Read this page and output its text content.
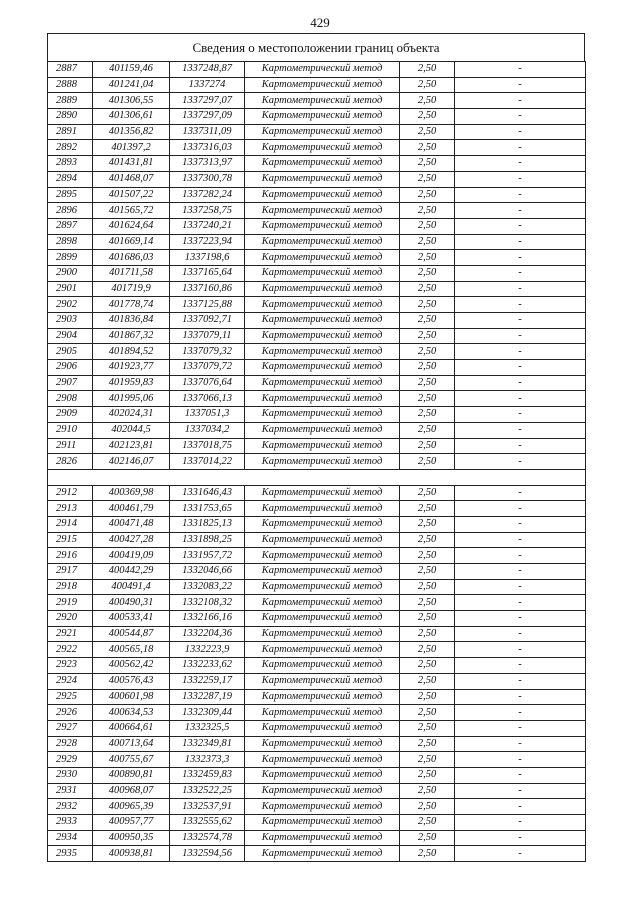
429
Сведения о местоположении границ объекта
2887	401159,46	1337248,87	Картометрический метод	2,50	-
2888	401241,04	1337274	Картометрический метод	2,50	-
2889	401306,55	1337297,07	Картометрический метод	2,50	-
2890	401306,61	1337297,09	Картометрический метод	2,50	-
2891	401356,82	1337311,09	Картометрический метод	2,50	-
2892	401397,2	1337316,03	Картометрический метод	2,50	-
2893	401431,81	1337313,97	Картометрический метод	2,50	-
2894	401468,07	1337300,78	Картометрический метод	2,50	-
2895	401507,22	1337282,24	Картометрический метод	2,50	-
2896	401565,72	1337258,75	Картометрический метод	2,50	-
2897	401624,64	1337240,21	Картометрический метод	2,50	-
2898	401669,14	1337223,94	Картометрический метод	2,50	-
2899	401686,03	1337198,6	Картометрический метод	2,50	-
2900	401711,58	1337165,64	Картометрический метод	2,50	-
2901	401719,9	1337160,86	Картометрический метод	2,50	-
2902	401778,74	1337125,88	Картометрический метод	2,50	-
2903	401836,84	1337092,71	Картометрический метод	2,50	-
2904	401867,32	1337079,11	Картометрический метод	2,50	-
2905	401894,52	1337079,32	Картометрический метод	2,50	-
2906	401923,77	1337079,72	Картометрический метод	2,50	-
2907	401959,83	1337076,64	Картометрический метод	2,50	-
2908	401995,06	1337066,13	Картометрический метод	2,50	-
2909	402024,31	1337051,3	Картометрический метод	2,50	-
2910	402044,5	1337034,2	Картометрический метод	2,50	-
2911	402123,81	1337018,75	Картометрический метод	2,50	-
2826	402146,07	1337014,22	Картометрический метод	2,50	-

2912	400369,98	1331646,43	Картометрический метод	2,50	-
2913	400461,79	1331753,65	Картометрический метод	2,50	-
2914	400471,48	1331825,13	Картометрический метод	2,50	-
2915	400427,28	1331898,25	Картометрический метод	2,50	-
2916	400419,09	1331957,72	Картометрический метод	2,50	-
2917	400442,29	1332046,66	Картометрический метод	2,50	-
2918	400491,4	1332083,22	Картометрический метод	2,50	-
2919	400490,31	1332108,32	Картометрический метод	2,50	-
2920	400533,41	1332166,16	Картометрический метод	2,50	-
2921	400544,87	1332204,36	Картометрический метод	2,50	-
2922	400565,18	1332223,9	Картометрический метод	2,50	-
2923	400562,42	1332233,62	Картометрический метод	2,50	-
2924	400576,43	1332259,17	Картометрический метод	2,50	-
2925	400601,98	1332287,19	Картометрический метод	2,50	-
2926	400634,53	1332309,44	Картометрический метод	2,50	-
2927	400664,61	1332325,5	Картометрический метод	2,50	-
2928	400713,64	1332349,81	Картометрический метод	2,50	-
2929	400755,67	1332373,3	Картометрический метод	2,50	-
2930	400890,81	1332459,83	Картометрический метод	2,50	-
2931	400968,07	1332522,25	Картометрический метод	2,50	-
2932	400965,39	1332537,91	Картометрический метод	2,50	-
2933	400957,77	1332555,62	Картометрический метод	2,50	-
2934	400950,35	1332574,78	Картометрический метод	2,50	-
2935	400938,81	1332594,56	Картометрический метод	2,50	-
